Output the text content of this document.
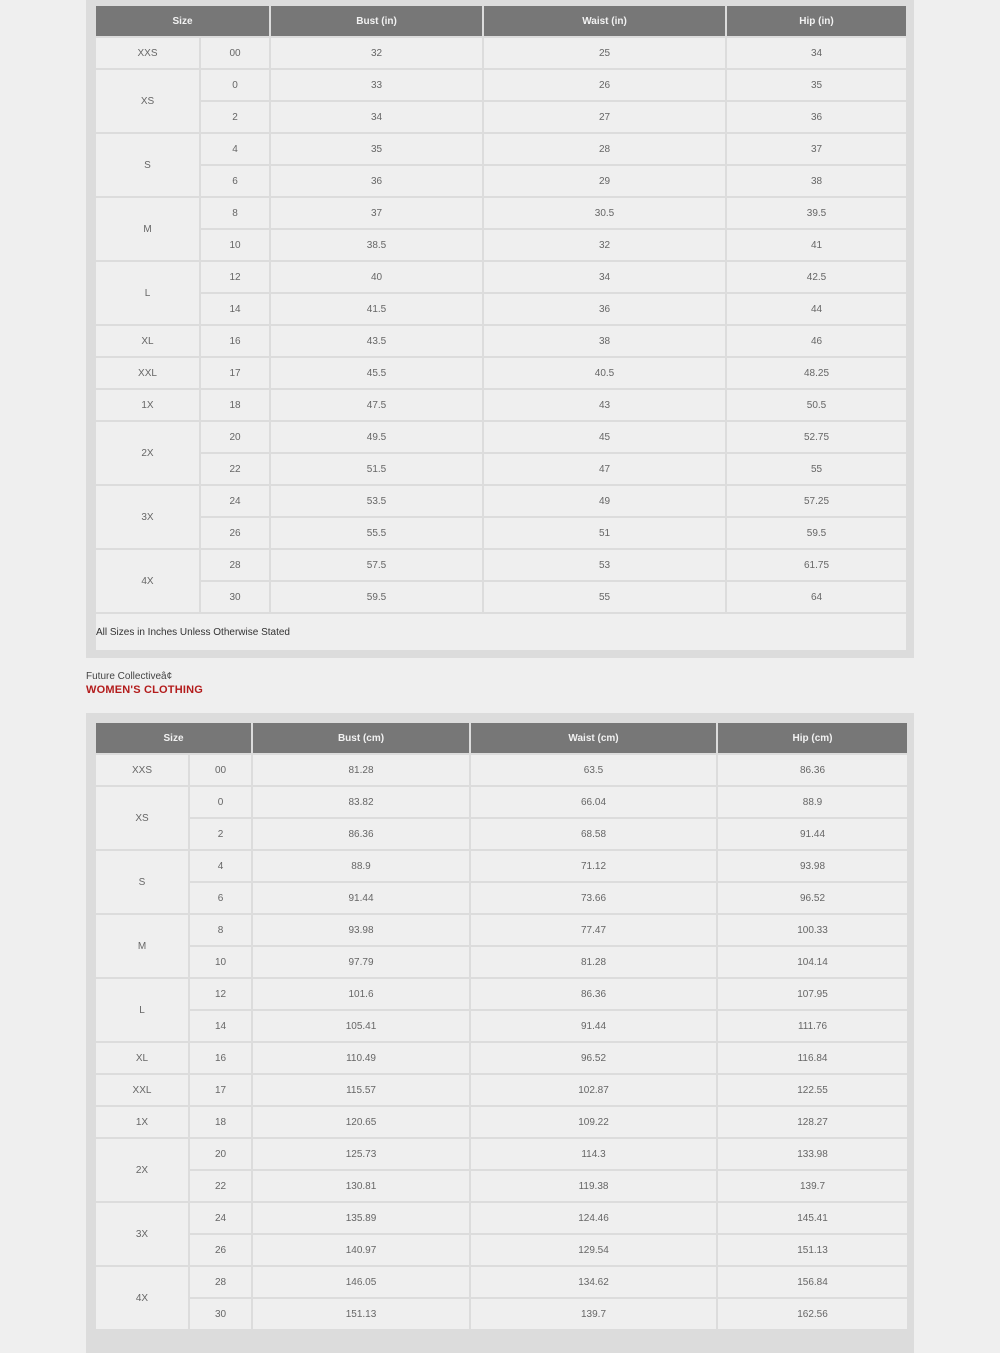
Size		Bust (in)	Waist (in)	Hip (in)
XXS	00	32	25	34
XS	0	33	26	35
	2	34	27	36
S	4	35	28	37
	6	36	29	38
M	8	37	30.5	39.5
	10	38.5	32	41
L	12	40	34	42.5
	14	41.5	36	44
XL	16	43.5	38	46
XXL	17	45.5	40.5	48.25
1X	18	47.5	43	50.5
2X	20	49.5	45	52.75
	22	51.5	47	55
3X	24	53.5	49	57.25
	26	55.5	51	59.5
4X	28	57.5	53	61.75
	30	59.5	55	64
All Sizes in Inches Unless Otherwise Stated				
Future Collectiveâ¢
WOMEN'S CLOTHING
Size		Bust (cm)	Waist (cm)	Hip (cm)
XXS	00	81.28	63.5	86.36
XS	0	83.82	66.04	88.9
	2	86.36	68.58	91.44
S	4	88.9	71.12	93.98
	6	91.44	73.66	96.52
M	8	93.98	77.47	100.33
	10	97.79	81.28	104.14
L	12	101.6	86.36	107.95
	14	105.41	91.44	111.76
XL	16	110.49	96.52	116.84
XXL	17	115.57	102.87	122.55
1X	18	120.65	109.22	128.27
2X	20	125.73	114.3	133.98
	22	130.81	119.38	139.7
3X	24	135.89	124.46	145.41
	26	140.97	129.54	151.13
4X	28	146.05	134.62	156.84
	30	151.13	139.7	162.56
